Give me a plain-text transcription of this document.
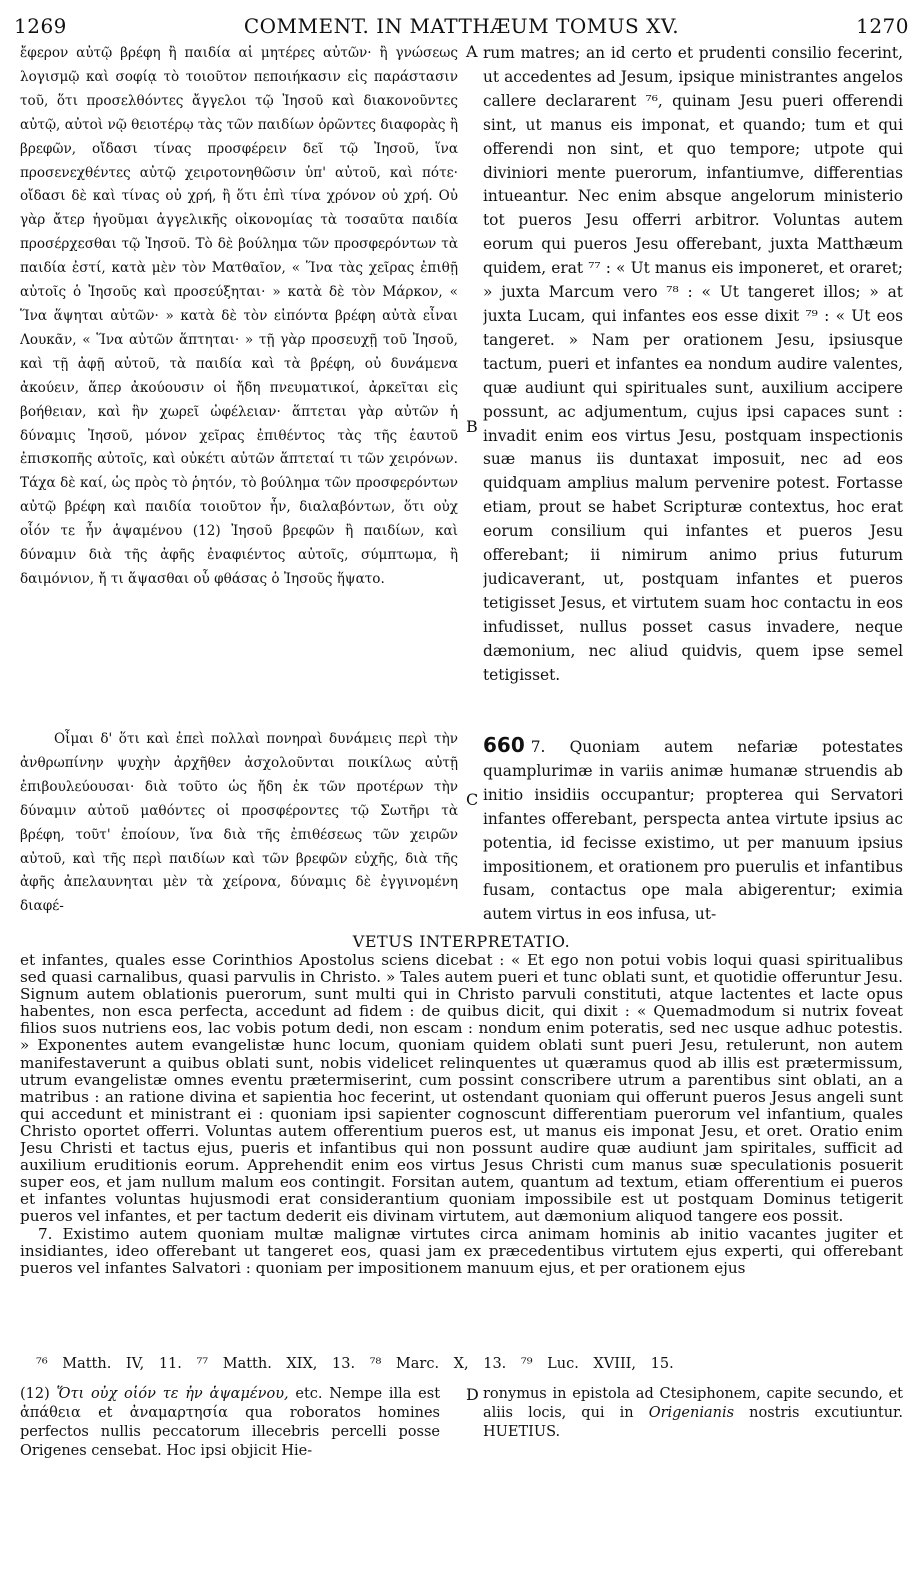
1269	COMMENT. IN MATTHÆUM TOMUS XV.	1270

ἔφερον αὐτῷ βρέφη ἢ παιδία αἱ μητέρες αὐτῶν· ἢ γνώσεως λογισμῷ καὶ σοφίᾳ τὸ τοιοῦτον πεποιήκασιν εἰς παράστασιν τοῦ, ὅτι προσελθόντες ἄγγελοι τῷ Ἰησοῦ καὶ διακονοῦντες αὐτῷ, αὐτοὶ νῷ θειοτέρῳ τὰς τῶν παιδίων ὁρῶντες διαφορὰς ἢ βρεφῶν, οἴδασι τίνας προσφέρειν δεῖ τῷ Ἰησοῦ, ἵνα προσενεχθέντες αὐτῷ χειροτονηθῶσιν ὑπ' αὐτοῦ, καὶ πότε· οἴδασι δὲ καὶ τίνας οὐ χρή, ἢ ὅτι ἐπὶ τίνα χρόνον οὐ χρή. Οὐ γὰρ ἄτερ ἡγοῦμαι ἀγγελικῆς οἰκονομίας τὰ τοσαῦτα παιδία προσέρχεσθαι τῷ Ἰησοῦ. Τὸ δὲ βούλημα τῶν προσφερόντων τὰ παιδία ἐστί, κατὰ μὲν τὸν Ματθαῖον, « Ἵνα τὰς χεῖρας ἐπιθῇ αὐτοῖς ὁ Ἰησοῦς καὶ προσεύξηται· » κατὰ δὲ τὸν Μάρκον, « Ἵνα ἅψηται αὐτῶν· » κατὰ δὲ τὸν εἰπόντα βρέφη αὐτὰ εἶναι Λουκᾶν, « Ἵνα αὐτῶν ἅπτηται· » τῇ γὰρ προσευχῇ τοῦ Ἰησοῦ, καὶ τῇ ἀφῇ αὐτοῦ, τὰ παιδία καὶ τὰ βρέφη, οὐ δυνάμενα ἀκούειν, ἅπερ ἀκούουσιν οἱ ἤδη πνευματικοί, ἀρκεῖται εἰς βοήθειαν, καὶ ἣν χωρεῖ ὠφέλειαν· ἅπτεται γὰρ αὐτῶν ἡ δύναμις Ἰησοῦ, μόνον χεῖρας ἐπιθέντος τὰς τῆς ἑαυτοῦ ἐπισκοπῆς αὐτοῖς, καὶ οὐκέτι αὐτῶν ἅπτεταί τι τῶν χειρόνων. Τάχα δὲ καί, ὡς πρὸς τὸ ῥητόν, τὸ βούλημα τῶν προσφερόντων αὐτῷ βρέφη καὶ παιδία τοιοῦτον ἦν, διαλαβόντων, ὅτι οὐχ οἷόν τε ἦν ἁψαμένου (12) Ἰησοῦ βρεφῶν ἢ παιδίων, καὶ δύναμιν διὰ τῆς ἀφῆς ἐναφιέντος αὐτοῖς, σύμπτωμα, ἢ δαιμόνιον, ἤ τι ἅψασθαι οὗ φθάσας ὁ Ἰησοῦς ἥψατο.

rum matres; an id certo et prudenti consilio fecerint, ut accedentes ad Jesum, ipsique ministrantes angelos callere declararent ⁷⁶, quinam Jesu pueri offerendi sint, ut manus eis imponat, et quando; tum et qui offerendi non sint, et quo tempore; utpote qui diviniori mente puerorum, infantiumve, differentias intueantur. Nec enim absque angelorum ministerio tot pueros Jesu offerri arbitror. Voluntas autem eorum qui pueros Jesu offerebant, juxta Matthæum quidem, erat ⁷⁷ : « Ut manus eis imponeret, et oraret; » juxta Marcum vero ⁷⁸ : « Ut tangeret illos; » at juxta Lucam, qui infantes eos esse dixit ⁷⁹ : « Ut eos tangeret. » Nam per orationem Jesu, ipsiusque tactum, pueri et infantes ea nondum audire valentes, quæ audiunt qui spirituales sunt, auxilium accipere possunt, ac adjumentum, cujus ipsi capaces sunt : invadit enim eos virtus Jesu, postquam inspectionis suæ manus iis duntaxat imposuit, nec ad eos quidquam amplius malum pervenire potest. Fortasse etiam, prout se habet Scripturæ contextus, hoc erat eorum consilium qui infantes et pueros Jesu offerebant; ii nimirum animo prius futurum judicaverant, ut, postquam infantes et pueros tetigisset Jesus, et virtutem suam hoc contactu in eos infudisset, nullus posset casus invadere, neque dæmonium, nec aliud quidvis, quem ipse semel tetigisset.

A
B
C

Οἶμαι δ' ὅτι καὶ ἐπεὶ πολλαὶ πονηραὶ δυνάμεις περὶ τὴν ἀνθρωπίνην ψυχὴν ἀρχῆθεν ἀσχολοῦνται ποικίλως αὐτῇ ἐπιβουλεύουσαι· διὰ τοῦτο ὡς ἤδη ἐκ τῶν προτέρων τὴν δύναμιν αὐτοῦ μαθόντες οἱ προσφέροντες τῷ Σωτῆρι τὰ βρέφη, τοῦτ' ἐποίουν, ἵνα διὰ τῆς ἐπιθέσεως τῶν χειρῶν αὐτοῦ, καὶ τῆς περὶ παιδίων καὶ τῶν βρεφῶν εὐχῆς, διὰ τῆς ἀφῆς ἀπελαυνηται μὲν τὰ χείρονα, δύναμις δὲ ἐγγινομένη διαφέ-

660 7. Quoniam autem nefariæ potestates quamplurimæ in variis animæ humanæ struendis ab initio insidiis occupantur; propterea qui Servatori infantes offerebant, perspecta antea virtute ipsius ac potentia, id fecisse existimo, ut per manuum ipsius impositionem, et orationem pro puerulis et infantibus fusam, contactus ope mala abigerentur; eximia autem virtus in eos infusa, ut-

VETUS INTERPRETATIO.

et infantes, quales esse Corinthios Apostolus sciens dicebat : « Et ego non potui vobis loqui quasi spiritualibus sed quasi carnalibus, quasi parvulis in Christo. » Tales autem pueri et tunc oblati sunt, et quotidie offeruntur Jesu. Signum autem oblationis puerorum, sunt multi qui in Christo parvuli constituti, atque lactentes et lacte opus habentes, non esca perfecta, accedunt ad fidem : de quibus dicit, qui dixit : « Quemadmodum si nutrix foveat filios suos nutriens eos, lac vobis potum dedi, non escam : nondum enim poteratis, sed nec usque adhuc potestis. » Exponentes autem evangelistæ hunc locum, quoniam quidem oblati sunt pueri Jesu, retulerunt, non autem manifestaverunt a quibus oblati sunt, nobis videlicet relinquentes ut quæramus quod ab illis est prætermissum, utrum evangelistæ omnes eventu prætermiserint, cum possint conscribere utrum a parentibus sint oblati, an a matribus : an ratione divina et sapientia hoc fecerint, ut ostendant quoniam qui offerunt pueros Jesus angeli sunt qui accedunt et ministrant ei : quoniam ipsi sapienter cognoscunt differentiam puerorum vel infantium, quales Christo oportet offerri. Voluntas autem offerentium pueros est, ut manus eis imponat Jesu, et oret. Oratio enim Jesu Christi et tactus ejus, pueris et infantibus qui non possunt audire quæ audiunt jam spiritales, sufficit ad auxilium eruditionis eorum. Apprehendit enim eos virtus Jesus Christi cum manus suæ speculationis posuerit super eos, et jam nullum malum eos contingit. Forsitan autem, quantum ad textum, etiam offerentium ei pueros et infantes voluntas hujusmodi erat considerantium quoniam impossibile est ut postquam Dominus tetigerit pueros vel infantes, et per tactum dederit eis divinam virtutem, aut dæmonium aliquod tangere eos possit.

7. Existimo autem quoniam multæ malignæ virtutes circa animam hominis ab initio vacantes jugiter et insidiantes, ideo offerebant ut tangeret eos, quasi jam ex præcedentibus virtutem ejus experti, qui offerebant pueros vel infantes Salvatori : quoniam per impositionem manuum ejus, et per orationem ejus

⁷⁶ Matth. IV, 11. ⁷⁷ Matth. XIX, 13. ⁷⁸ Marc. X, 13. ⁷⁹ Luc. XVIII, 15.

(12) Ὅτι οὐχ οἷόν τε ἦν ἁψαμένου, etc. Nempe illa est ἀπάθεια et ἀναμαρτησία qua roboratos homines perfectos nullis peccatorum illecebris percelli posse Origenes censebat. Hoc ipsi objicit Hie-

D ronymus in epistola ad Ctesiphonem, capite secundo, et aliis locis, qui in Origenianis nostris excutiuntur. HUETIUS.
